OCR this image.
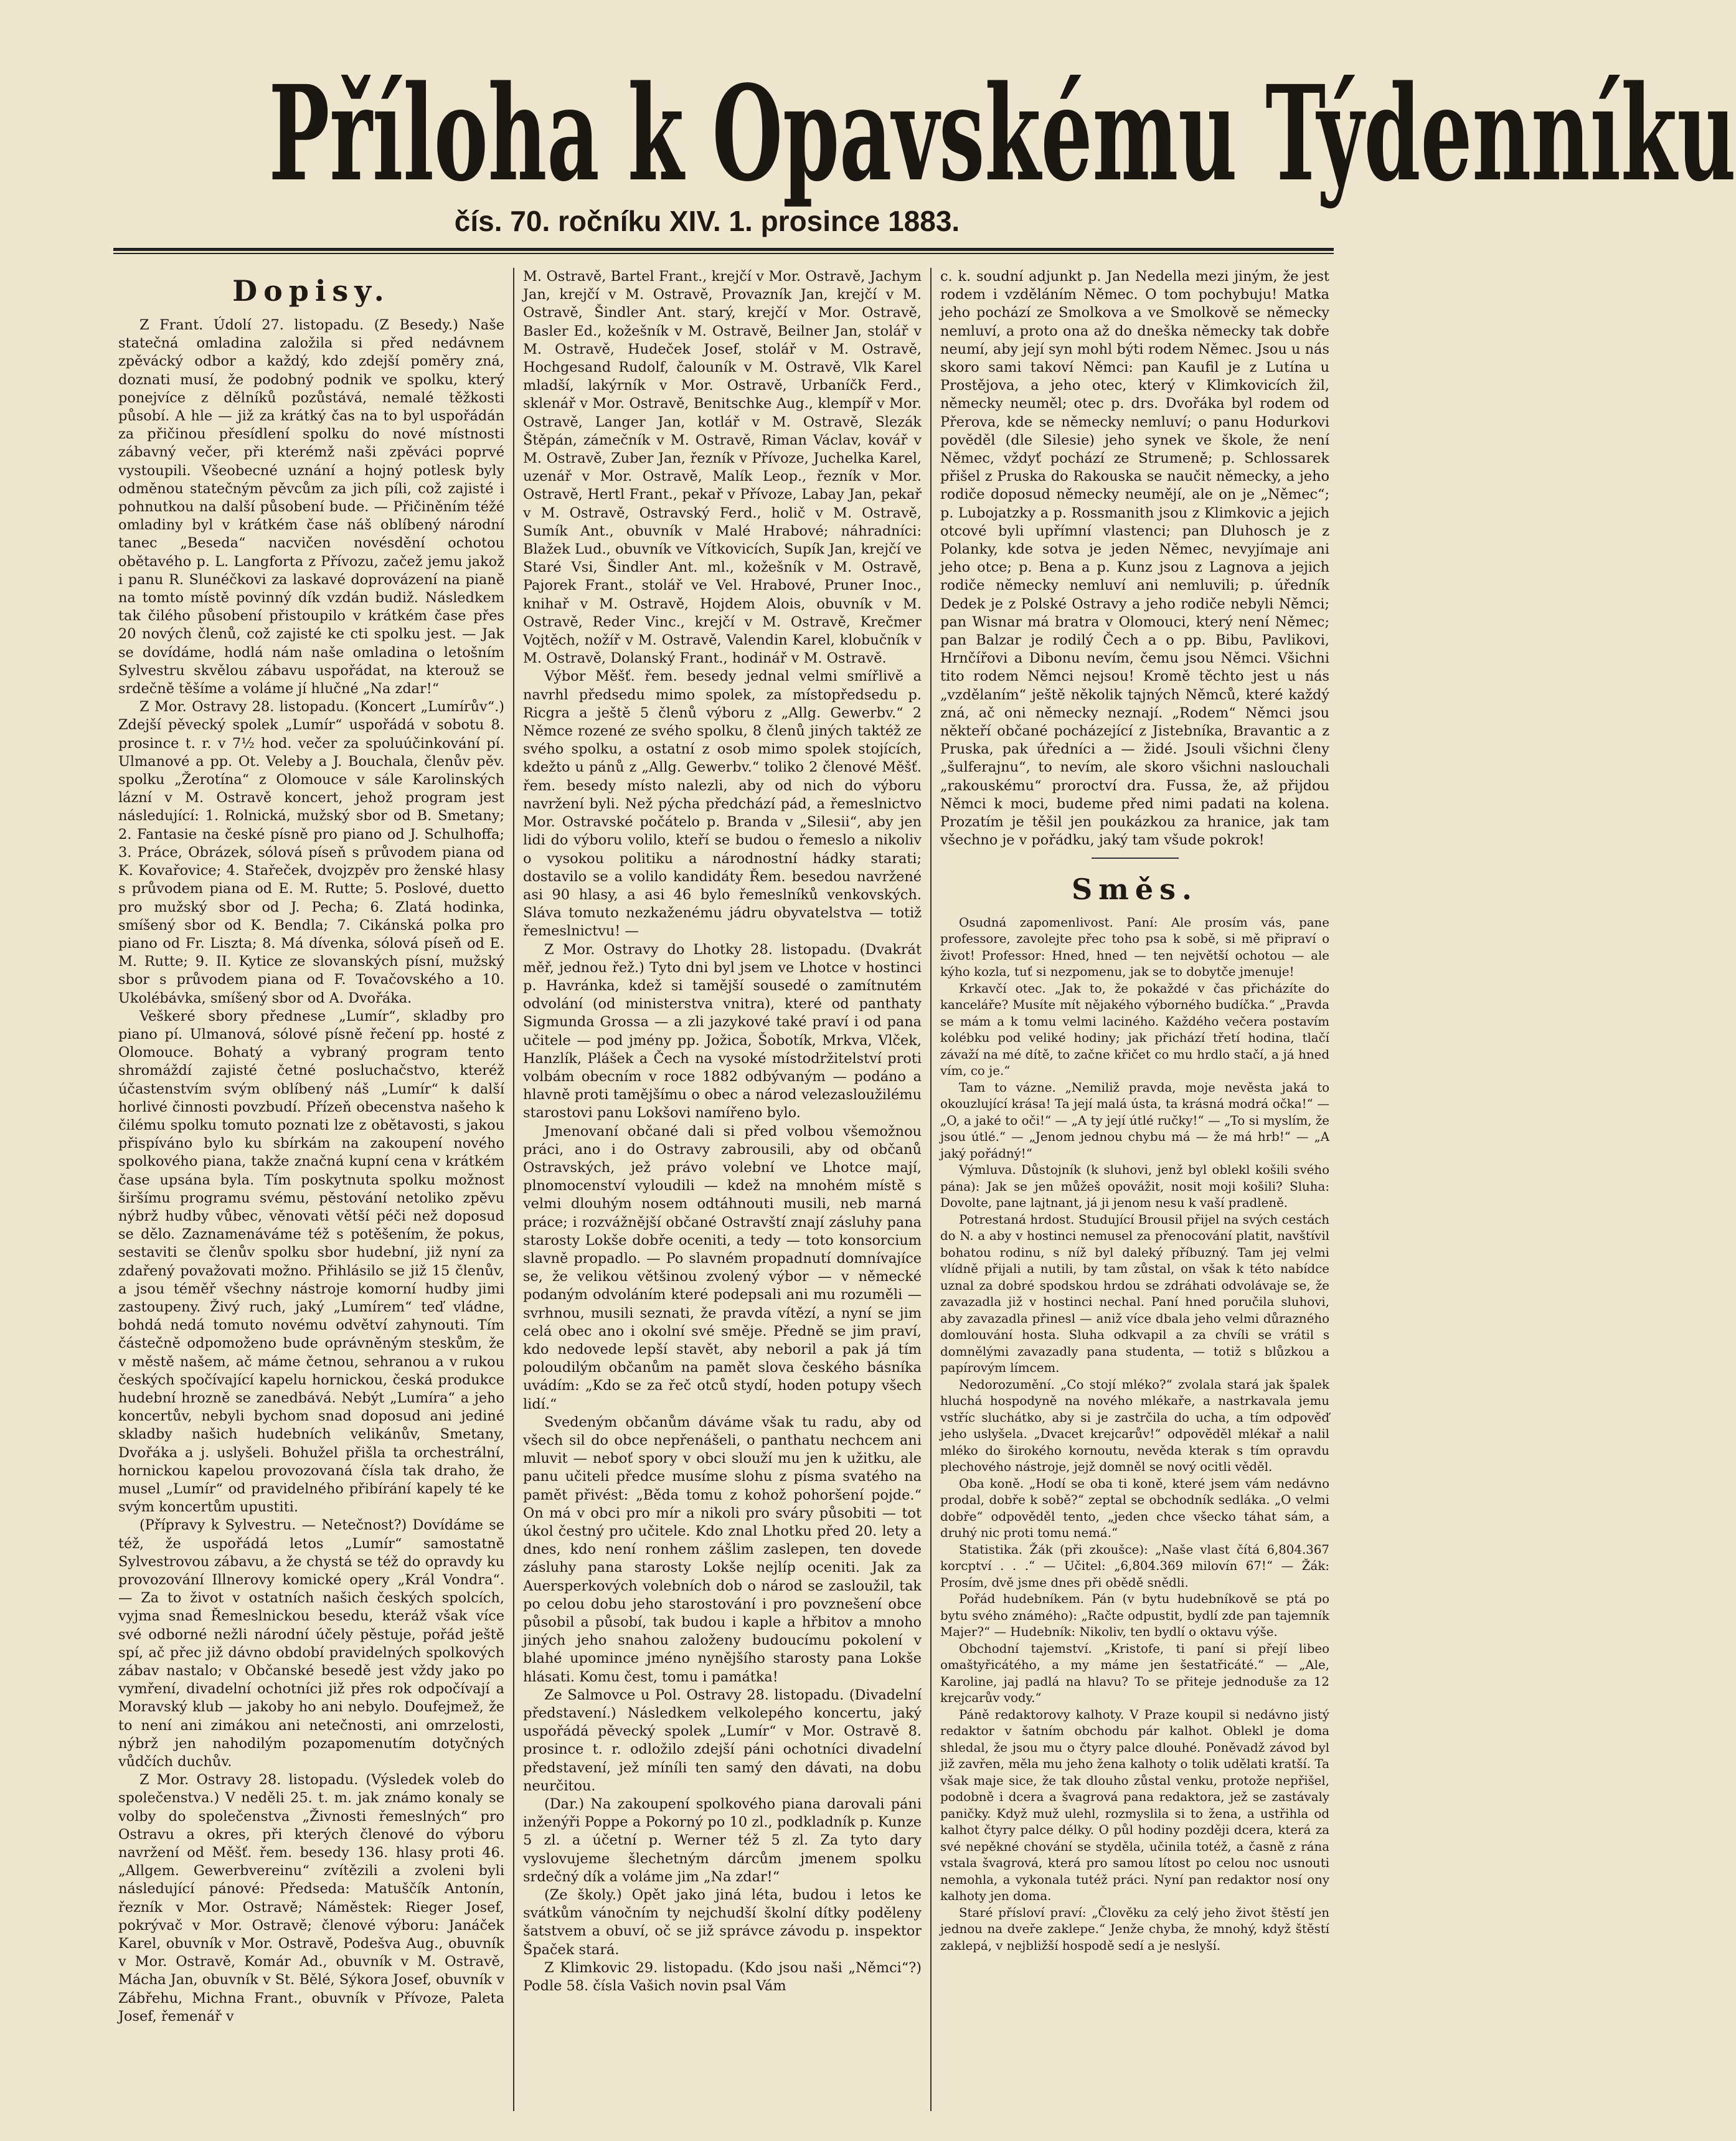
Příloha k Opavskému Týdenníku
čís. 70. ročníku XIV. 1. prosince 1883.
Dopisy.

Z Frant. Údolí 27. listopadu. (Z Besedy.) Naše statečná omladina založila si před nedávnem zpěvácký odbor a každý, kdo zdejší poměry zná, doznati musí, že podobný podnik ve spolku, který ponejvíce z dělníků pozůstává, nemalé těžkosti působí. A hle — již za krátký čas na to byl uspořádán za přičinou přesídlení spolku do nové místnosti zábavný večer, při kterémž naši zpěváci poprvé vystoupili. Všeobecné uznání a hojný potlesk byly odměnou statečným pěvcům za jich píli, což zajisté i pohnutkou na další působení bude. — Přičiněním téžé omladiny byl v krátkém čase náš oblíbený národní tanec „Beseda“ nacvičen novésdění ochotou obětavého p. L. Langforta z Přívozu, začež jemu jakož i panu R. Slunéčkovi za laskavé doprovázení na pianě na tomto místě povinný dík vzdán budiž. Následkem tak čilého působení přistoupilo v krátkém čase přes 20 nových členů, což zajisté ke cti spolku jest. — Jak se dovídáme, hodlá nám naše omladina o letošním Sylvestru skvělou zábavu uspořádat, na kterouž se srdečně těšíme a voláme jí hlučné „Na zdar!“

Z Mor. Ostravy 28. listopadu. (Koncert „Lumírův“.) Zdejší pěvecký spolek „Lumír“ uspořádá v sobotu 8. prosince t. r. v 7½ hod. večer za spoluúčinkování pí. Ulmanové a pp. Ot. Veleby a J. Bouchala, členův pěv. spolku „Žerotína“ z Olomouce v sále Karolinských lázní v M. Ostravě koncert, jehož program jest následující: 1. Rolnická, mužský sbor od B. Smetany; 2. Fantasie na české písně pro piano od J. Schulhoffa; 3. Práce, Obrázek, sólová píseň s průvodem piana od K. Kovařovice; 4. Stařeček, dvojzpěv pro ženské hlasy s průvodem piana od E. M. Rutte; 5. Poslové, duetto pro mužský sbor od J. Pecha; 6. Zlatá hodinka, smíšený sbor od K. Bendla; 7. Cikánská polka pro piano od Fr. Liszta; 8. Má dívenka, sólová píseň od E. M. Rutte; 9. II. Kytice ze slovanských písní, mužský sbor s průvodem piana od F. Tovačovského a 10. Ukolébávka, smíšený sbor od A. Dvořáka.

Veškeré sbory přednese „Lumír“, skladby pro piano pí. Ulmanová, sólové písně řečení pp. hosté z Olomouce. Bohatý a vybraný program tento shromáždí zajisté četné posluchačstvo, kteréž účastenstvím svým oblíbený náš „Lumír“ k další horlivé činnosti povzbudí. Přízeň obecenstva našeho k čilému spolku tomuto poznati lze z obětavosti, s jakou přispíváno bylo ku sbírkám na zakoupení nového spolkového piana, takže značná kupní cena v krátkém čase upsána byla. Tím poskytnuta spolku možnost širšímu programu svému, pěstování netoliko zpěvu nýbrž hudby vůbec, věnovati větší péči než doposud se dělo. Zaznamenáváme též s potěšením, že pokus, sestaviti se členův spolku sbor hudební, již nyní za zdařený považovati možno. Přihlásilo se již 15 členův, a jsou téměř všechny nástroje komorní hudby jimi zastoupeny. Živý ruch, jaký „Lumírem“ teď vládne, bohdá nedá tomuto novému odvětví zahynouti. Tím částečně odpomoženo bude oprávněným steskům, že v městě našem, ač máme četnou, sehranou a v rukou českých spočívající kapelu hornickou, česká produkce hudební hrozně se zanedbává. Nebýt „Lumíra“ a jeho koncertův, nebyli bychom snad doposud ani jediné skladby našich hudebních velikánův, Smetany, Dvořáka a j. uslyšeli. Bohužel přišla ta orchestrální, hornickou kapelou provozovaná čísla tak draho, že musel „Lumír“ od pravidelného přibírání kapely té ke svým koncertům upustiti.

(Přípravy k Sylvestru. — Netečnost?) Dovídáme se též, že uspořádá letos „Lumír“ samostatně Sylvestrovou zábavu, a že chystá se též do opravdy ku provozování Illnerovy komické opery „Král Vondra“. — Za to život v ostatních našich českých spolcích, vyjma snad Řemeslnickou besedu, kteráž však více své odborné nežli národní účely pěstuje, pořád ještě spí, ač přec již dávno období pravidelných spolkových zábav nastalo; v Občanské besedě jest vždy jako po vymření, divadelní ochotníci již přes rok odpočívají a Moravský klub — jakoby ho ani nebylo. Doufejmež, že to není ani zimákou ani netečnosti, ani omrzelosti, nýbrž jen nahodilým pozapomenutím dotyčných vůdčích duchův.

Z Mor. Ostravy 28. listopadu. (Výsledek voleb do společenstva.) V neděli 25. t. m. jak známo konaly se volby do společenstva „Živnosti řemeslných“ pro Ostravu a okres, při kterých členové do výboru navržení od Měšť. řem. besedy 136. hlasy proti 46. „Allgem. Gewerbvereinu“ zvítězili a zvoleni byli následující pánové: Předseda: Matuščík Antonín, řezník v Mor. Ostravě; Náměstek: Rieger Josef, pokrývač v Mor. Ostravě; členové výboru: Janáček Karel, obuvník v Mor. Ostravě, Podešva Aug., obuvník v Mor. Ostravě, Komár Ad., obuvník v M. Ostravě, Mácha Jan, obuvník v St. Bělé, Sýkora Josef, obuvník v Zábřehu, Michna Frant., obuvník v Přívoze, Paleta Josef, řemenář v

M. Ostravě, Bartel Frant., krejčí v Mor. Ostravě, Jachym Jan, krejčí v M. Ostravě, Provazník Jan, krejčí v M. Ostravě, Šindler Ant. starý, krejčí v Mor. Ostravě, Basler Ed., kožešník v M. Ostravě, Beilner Jan, stolář v M. Ostravě, Hudeček Josef, stolář v M. Ostravě, Hochgesand Rudolf, čalouník v M. Ostravě, Vlk Karel mladší, lakýrník v Mor. Ostravě, Urbaníčk Ferd., sklenář v Mor. Ostravě, Benitschke Aug., klempíř v Mor. Ostravě, Langer Jan, kotlář v M. Ostravě, Slezák Štěpán, zámečník v M. Ostravě, Riman Václav, kovář v M. Ostravě, Zuber Jan, řezník v Přívoze, Juchelka Karel, uzenář v Mor. Ostravě, Malík Leop., řezník v Mor. Ostravě, Hertl Frant., pekař v Přívoze, Labay Jan, pekař v M. Ostravě, Ostravský Ferd., holič v M. Ostravě, Sumík Ant., obuvník v Malé Hrabové; náhradníci: Blažek Lud., obuvník ve Vítkovicích, Supík Jan, krejčí ve Staré Vsi, Šindler Ant. ml., kožešník v M. Ostravě, Pajorek Frant., stolář ve Vel. Hrabové, Pruner Inoc., knihař v M. Ostravě, Hojdem Alois, obuvník v M. Ostravě, Reder Vinc., krejčí v M. Ostravě, Krečmer Vojtěch, nožíř v M. Ostravě, Valendin Karel, klobučník v M. Ostravě, Dolanský Frant., hodinář v M. Ostravě.

Výbor Měšť. řem. besedy jednal velmi smířlivě a navrhl předsedu mimo spolek, za místopředsedu p. Ricgra a ještě 5 členů výboru z „Allg. Gewerbv.“ 2 Němce rozené ze svého spolku, 8 členů jiných taktéž ze svého spolku, a ostatní z osob mimo spolek stojících, kdežto u pánů z „Allg. Gewerbv.“ toliko 2 členové Měšť. řem. besedy místo nalezli, aby od nich do výboru navržení byli. Než pýcha předchází pád, a řemeslnictvo Mor. Ostravské počátelo p. Branda v „Silesii“, aby jen lidi do výboru volilo, kteří se budou o řemeslo a nikoliv o vysokou politiku a národnostní hádky starati; dostavilo se a volilo kandidáty Řem. besedou navržené asi 90 hlasy, a asi 46 bylo řemeslníků venkovských. Sláva tomuto nezkaženému jádru obyvatelstva — totiž řemeslnictvu! —

Z Mor. Ostravy do Lhotky 28. listopadu. (Dvakrát měř, jednou řež.) Tyto dni byl jsem ve Lhotce v hostinci p. Havránka, kdež si tamější sousedé o zamítnutém odvolání (od ministerstva vnitra), které od panthaty Sigmunda Grossa — a zli jazykové také praví i od pana učitele — pod jmény pp. Jožica, Šobotík, Mrkva, Vlček, Hanzlík, Plášek a Čech na vysoké místodržitelství proti volbám obecním v roce 1882 odbývaným — podáno a hlavně proti tamějšímu o obec a národ velezasloužilému starostovi panu Lokšovi namířeno bylo.

Jmenovaní občané dali si před volbou všemožnou práci, ano i do Ostravy zabrousili, aby od občanů Ostravských, jež právo volební ve Lhotce mají, plnomocenství vyloudili — kdež na mnohém místě s velmi dlouhým nosem odtáhnouti musili, neb marná práce; i rozvážnější občané Ostravští znají zásluhy pana starosty Lokše dobře oceniti, a tedy — toto konsorcium slavně propadlo. — Po slavném propadnutí domnívajíce se, že velikou většinou zvolený výbor — v německé podaným odvoláním které podepsali ani mu rozuměli — svrhnou, musili seznati, že pravda vítězí, a nyní se jim celá obec ano i okolní své směje. Předně se jim praví, kdo nedovede lepší stavět, aby neboril a pak já tím poloudilým občanům na pamět slova českého básníka uvádím: „Kdo se za řeč otců stydí, hoden potupy všech lidí.“

Svedeným občanům dáváme však tu radu, aby od všech sil do obce nepřenášeli, o panthatu nechcem ani mluvit — neboť spory v obci slouží mu jen k užitku, ale panu učiteli předce musíme slohu z písma svatého na pamět přivést: „Běda tomu z kohož pohoršení pojde.“ On má v obci pro mír a nikoli pro sváry působiti — tot úkol čestný pro učitele. Kdo znal Lhotku před 20. lety a dnes, kdo není ronhem zášlim zaslepen, ten dovede zásluhy pana starosty Lokše nejlíp oceniti. Jak za Auersperkových volebních dob o národ se zasloužil, tak po celou dobu jeho starostování i pro povznešení obce působil a působí, tak budou i kaple a hřbitov a mnoho jiných jeho snahou založeny budoucímu pokolení v blahé upomince jméno nynějšího starosty pana Lokše hlásati. Komu čest, tomu i památka!

Ze Salmovce u Pol. Ostravy 28. listopadu. (Divadelní představení.) Následkem velkolepého koncertu, jaký uspořádá pěvecký spolek „Lumír“ v Mor. Ostravě 8. prosince t. r. odložilo zdejší páni ochotníci divadelní představení, jež míníli ten samý den dávati, na dobu neurčitou.

(Dar.) Na zakoupení spolkového piana darovali páni inženýři Poppe a Pokorný po 10 zl., podkladník p. Kunze 5 zl. a účetní p. Werner též 5 zl. Za tyto dary vyslovujeme šlechetným dárcům jmenem spolku srdečný dík a voláme jim „Na zdar!“

(Ze školy.) Opět jako jiná léta, budou i letos ke svátkům vánočním ty nejchudší školní dítky poděleny šatstvem a obuví, oč se již správce závodu p. inspektor Špaček stará.

Z Klimkovic 29. listopadu. (Kdo jsou naši „Němci“?) Podle 58. čísla Vašich novin psal Vám

c. k. soudní adjunkt p. Jan Nedella mezi jiným, že jest rodem i vzděláním Němec. O tom pochybuju! Matka jeho pochází ze Smolkova a ve Smolkově se německy nemluví, a proto ona až do dneška německy tak dobře neumí, aby její syn mohl býti rodem Němec. Jsou u nás skoro sami takoví Němci: pan Kaufil je z Lutína u Prostějova, a jeho otec, který v Klimkovicích žil, německy neuměl; otec p. drs. Dvořáka byl rodem od Přerova, kde se německy nemluví; o panu Hodurkovi pověděl (dle Silesie) jeho synek ve škole, že není Němec, vždyť pochází ze Strumeně; p. Schlossarek přišel z Pruska do Rakouska se naučit německy, a jeho rodiče doposud německy neumějí, ale on je „Němec“; p. Lubojatzky a p. Rossmanith jsou z Klimkovic a jejich otcové byli upřímní vlastenci; pan Dluhosch je z Polanky, kde sotva je jeden Němec, nevyjímaje ani jeho otce; p. Bena a p. Kunz jsou z Lagnova a jejich rodiče německy nemluví ani nemluvili; p. úředník Dedek je z Polské Ostravy a jeho rodiče nebyli Němci; pan Wisnar má bratra v Olomouci, který není Němec; pan Balzar je rodilý Čech a o pp. Bibu, Pavlikovi, Hrnčířovi a Dibonu nevím, čemu jsou Němci. Všichni tito rodem Němci nejsou! Kromě těchto jest u nás „vzdělaním“ ještě několik tajných Němců, které každý zná, ač oni německy neznají. „Rodem“ Němci jsou někteří občané pocházející z Jistebníka, Bravantic a z Pruska, pak úředníci a — židé. Jsouli všichni členy „šulferajnu“, to nevím, ale skoro všichni naslouchali „rakouskému“ proroctví dra. Fussa, že, až přijdou Němci k moci, budeme před nimi padati na kolena. Prozatím je těšil jen poukázkou za hranice, jak tam všechno je v pořádku, jaký tam všude pokrok!

Směs.

Osudná zapomenlivost. Paní: Ale prosím vás, pane professore, zavolejte přec toho psa k sobě, si mě připraví o život! Professor: Hned, hned — ten největší ochotou — ale kýho kozla, tuť si nezpomenu, jak se to dobytče jmenuje!

Krkavčí otec. „Jak to, že pokaždé v čas přicházíte do kanceláře? Musíte mít nějakého výborného budíčka.“ „Pravda se mám a k tomu velmi laciného. Každého večera postavím kolébku pod veliké hodiny; jak přichází třetí hodina, tlačí závaží na mé dítě, to začne křičet co mu hrdlo stačí, a já hned vím, co je.“

Tam to vázne. „Nemiliž pravda, moje nevěsta jaká to okouzlující krása! Ta její malá ústa, ta krásná modrá očka!“ — „O, a jaké to oči!“ — „A ty její útlé ručky!“ — „To si myslím, že jsou útlé.“ — „Jenom jednou chybu má — že má hrb!“ — „A jaký pořádný!“

Výmluva. Důstojník (k sluhovi, jenž byl oblekl košili svého pána): Jak se jen můžeš opovážit, nosit moji košili? Sluha: Dovolte, pane lajtnant, já ji jenom nesu k vaší pradleně.

Potrestaná hrdost. Studující Brousil přijel na svých cestách do N. a aby v hostinci nemusel za přenocování platit, navštívil bohatou rodinu, s níž byl daleký příbuzný. Tam jej velmi vlídně přijali a nutili, by tam zůstal, on však k této nabídce uznal za dobré spodskou hrdou se zdráhati odvolávaje se, že zavazadla již v hostinci nechal. Paní hned poručila sluhovi, aby zavazadla přinesl — aniž více dbala jeho velmi důrazného domlouvání hosta. Sluha odkvapil a za chvíli se vrátil s domnělými zavazadly pana studenta, — totiž s blůzkou a papírovým límcem.

Nedorozumění. „Co stojí mléko?“ zvolala stará jak špalek hluchá hospodyně na nového mlékaře, a nastrkavala jemu vstříc sluchátko, aby si je zastrčila do ucha, a tím odpověď jeho uslyšela. „Dvacet krejcarův!“ odpověděl mlékař a nalil mléko do širokého kornoutu, nevěda kterak s tím opravdu plechového nástroje, jejž domněl se nový ocitli věděl.

Oba koně. „Hodí se oba ti koně, které jsem vám nedávno prodal, dobře k sobě?“ zeptal se obchodník sedláka. „O velmi dobře“ odpověděl tento, „jeden chce všecko táhat sám, a druhý nic proti tomu nemá.“

Statistika. Žák (při zkoušce): „Naše vlast čítá 6,804.367 korcptví . . .“ — Učitel: „6,804.369 milovín 67!“ — Žák: Prosím, dvě jsme dnes při obědě snědli.

Pořád hudebníkem. Pán (v bytu hudebníkově se ptá po bytu svého známého): „Račte odpustit, bydlí zde pan tajemník Majer?“ — Hudebník: Nikoliv, ten bydlí o oktavu výše.

Obchodní tajemství. „Kristofe, ti paní si přejí libeo omaštyřicátého, a my máme jen šestatřicáté.“ — „Ale, Karoline, jaj padlá na hlavu? To se přiteje jednoduše za 12 krejcarův vody.“

Páně redaktorovy kalhoty. V Praze koupil si nedávno jistý redaktor v šatním obchodu pár kalhot. Oblekl je doma shledal, že jsou mu o čtyry palce dlouhé. Poněvadž závod byl již zavřen, měla mu jeho žena kalhoty o tolik udělati kratší. Ta však maje sice, že tak dlouho zůstal venku, protože nepřišel, podobně i dcera a švagrová pana redaktora, jež se zastávaly paničky. Když muž ulehl, rozmyslila si to žena, a ustřihla od kalhot čtyry palce délky. O půl hodiny později dcera, která za své nepěkné chování se styděla, učinila totéž, a časně z rána vstala švagrová, která pro samou lítost po celou noc usnouti nemohla, a vykonala tutéž práci. Nyní pan redaktor nosí ony kalhoty jen doma.

Staré přísloví praví: „Člověku za celý jeho život štěstí jen jednou na dveře zaklepe.“ Jenže chyba, že mnohý, když štěstí zaklepá, v nejbližší hospodě sedí a je neslyší.
